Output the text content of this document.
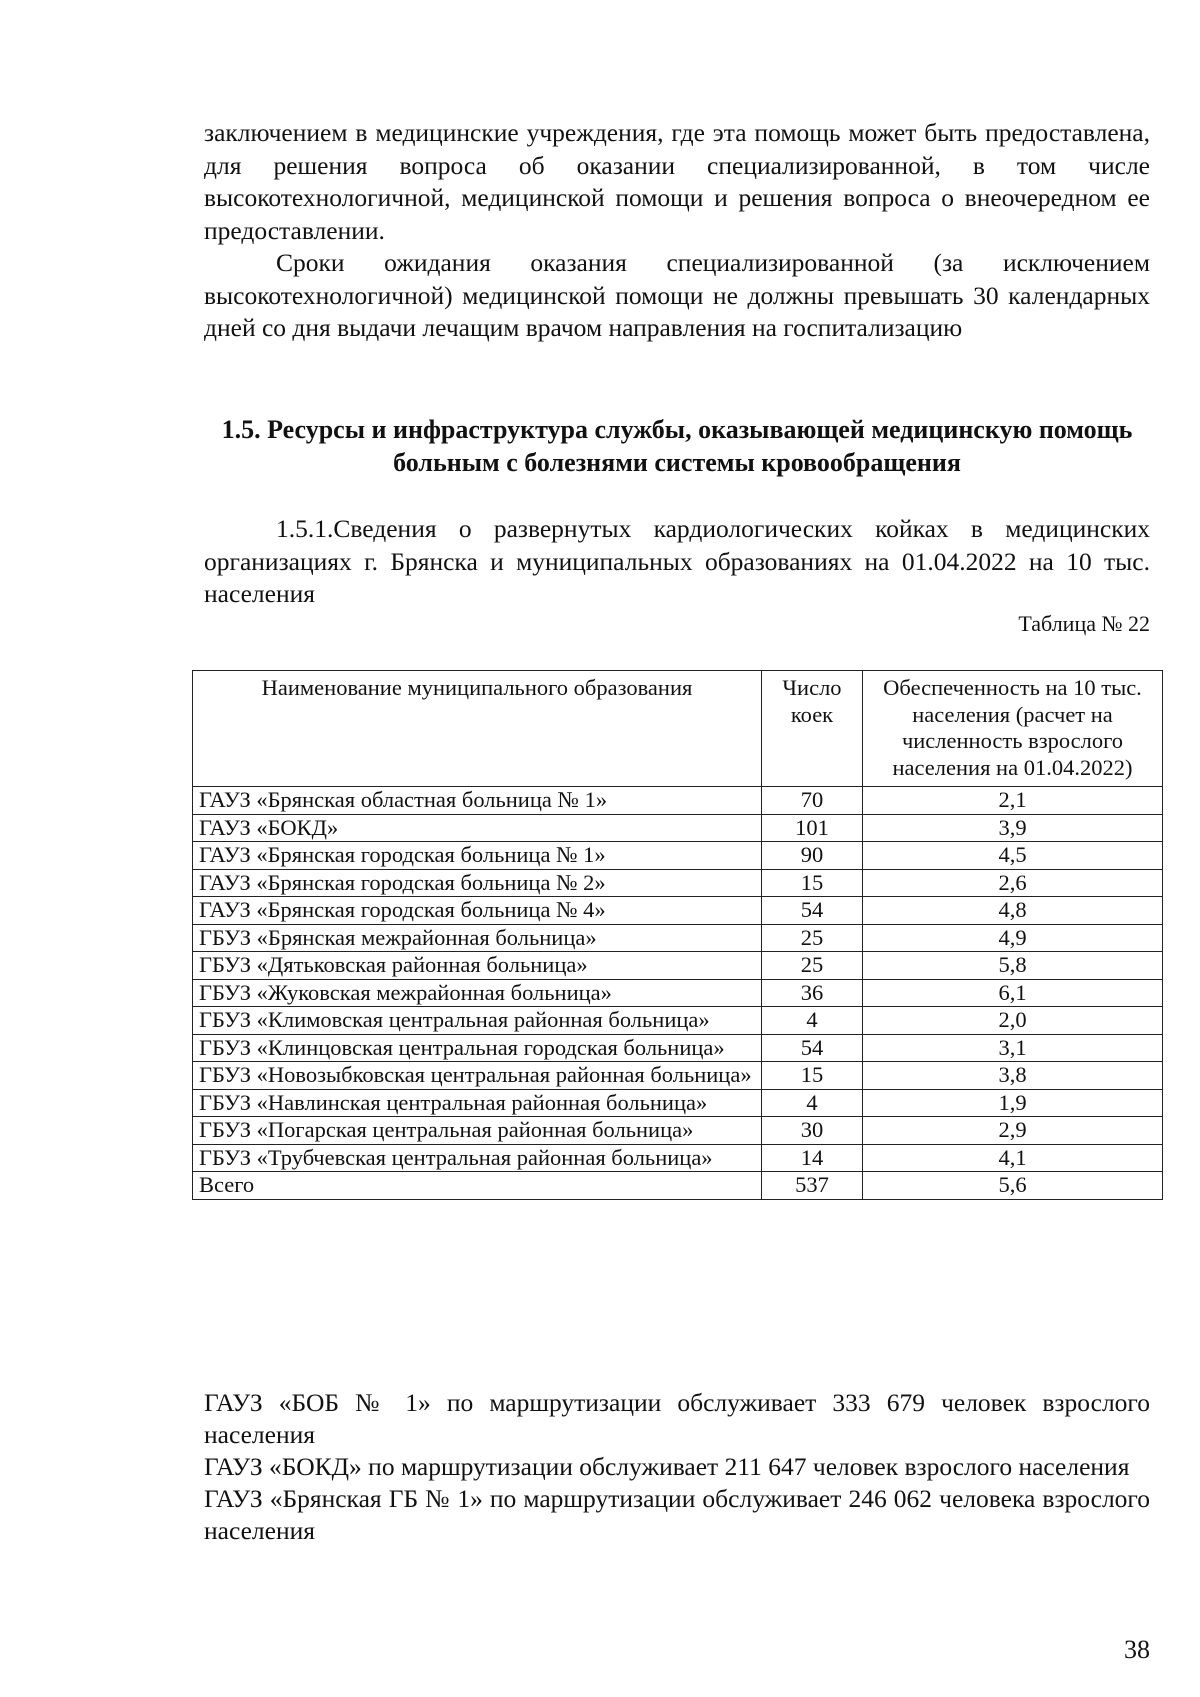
заключением в медицинские учреждения, где эта помощь может быть предоставлена, для решения вопроса об оказании специализированной, в том числе высокотехнологичной, медицинской помощи и решения вопроса о внеочередном ее предоставлении.

Сроки ожидания оказания специализированной (за исключением высокотехнологичной) медицинской помощи не должны превышать 30 календарных дней со дня выдачи лечащим врачом направления на госпитализацию

1.5. Ресурсы и инфраструктура службы, оказывающей медицинскую помощь больным с болезнями системы кровообращения

1.5.1.Сведения о развернутых кардиологических койках в медицинских организациях г. Брянска и муниципальных образованиях на 01.04.2022 на 10 тыс. населения

Таблица № 22
Наименование муниципального образования	Число коек	Обеспеченность на 10 тыс. населения (расчет на численность взрослого населения на 01.04.2022)
ГАУЗ «Брянская областная больница № 1»	70	2,1
ГАУЗ «БОКД»	101	3,9
ГАУЗ «Брянская городская больница № 1»	90	4,5
ГАУЗ «Брянская городская больница № 2»	15	2,6
ГАУЗ «Брянская городская больница № 4»	54	4,8
ГБУЗ «Брянская межрайонная больница»	25	4,9
ГБУЗ «Дятьковская районная больница»	25	5,8
ГБУЗ «Жуковская межрайонная больница»	36	6,1
ГБУЗ «Климовская центральная районная больница»	4	2,0
ГБУЗ «Клинцовская центральная городская больница»	54	3,1
ГБУЗ «Новозыбковская центральная районная больница»	15	3,8
ГБУЗ «Навлинская центральная районная больница»	4	1,9
ГБУЗ «Погарская центральная районная больница»	30	2,9
ГБУЗ «Трубчевская центральная районная больница»	14	4,1
Всего	537	5,6

ГАУЗ «БОБ № 1» по маршрутизации обслуживает 333 679 человек взрослого населения

ГАУЗ «БОКД» по маршрутизации обслуживает 211 647 человек взрослого населения

ГАУЗ «Брянская ГБ № 1» по маршрутизации обслуживает 246 062 человека взрослого населения

38
